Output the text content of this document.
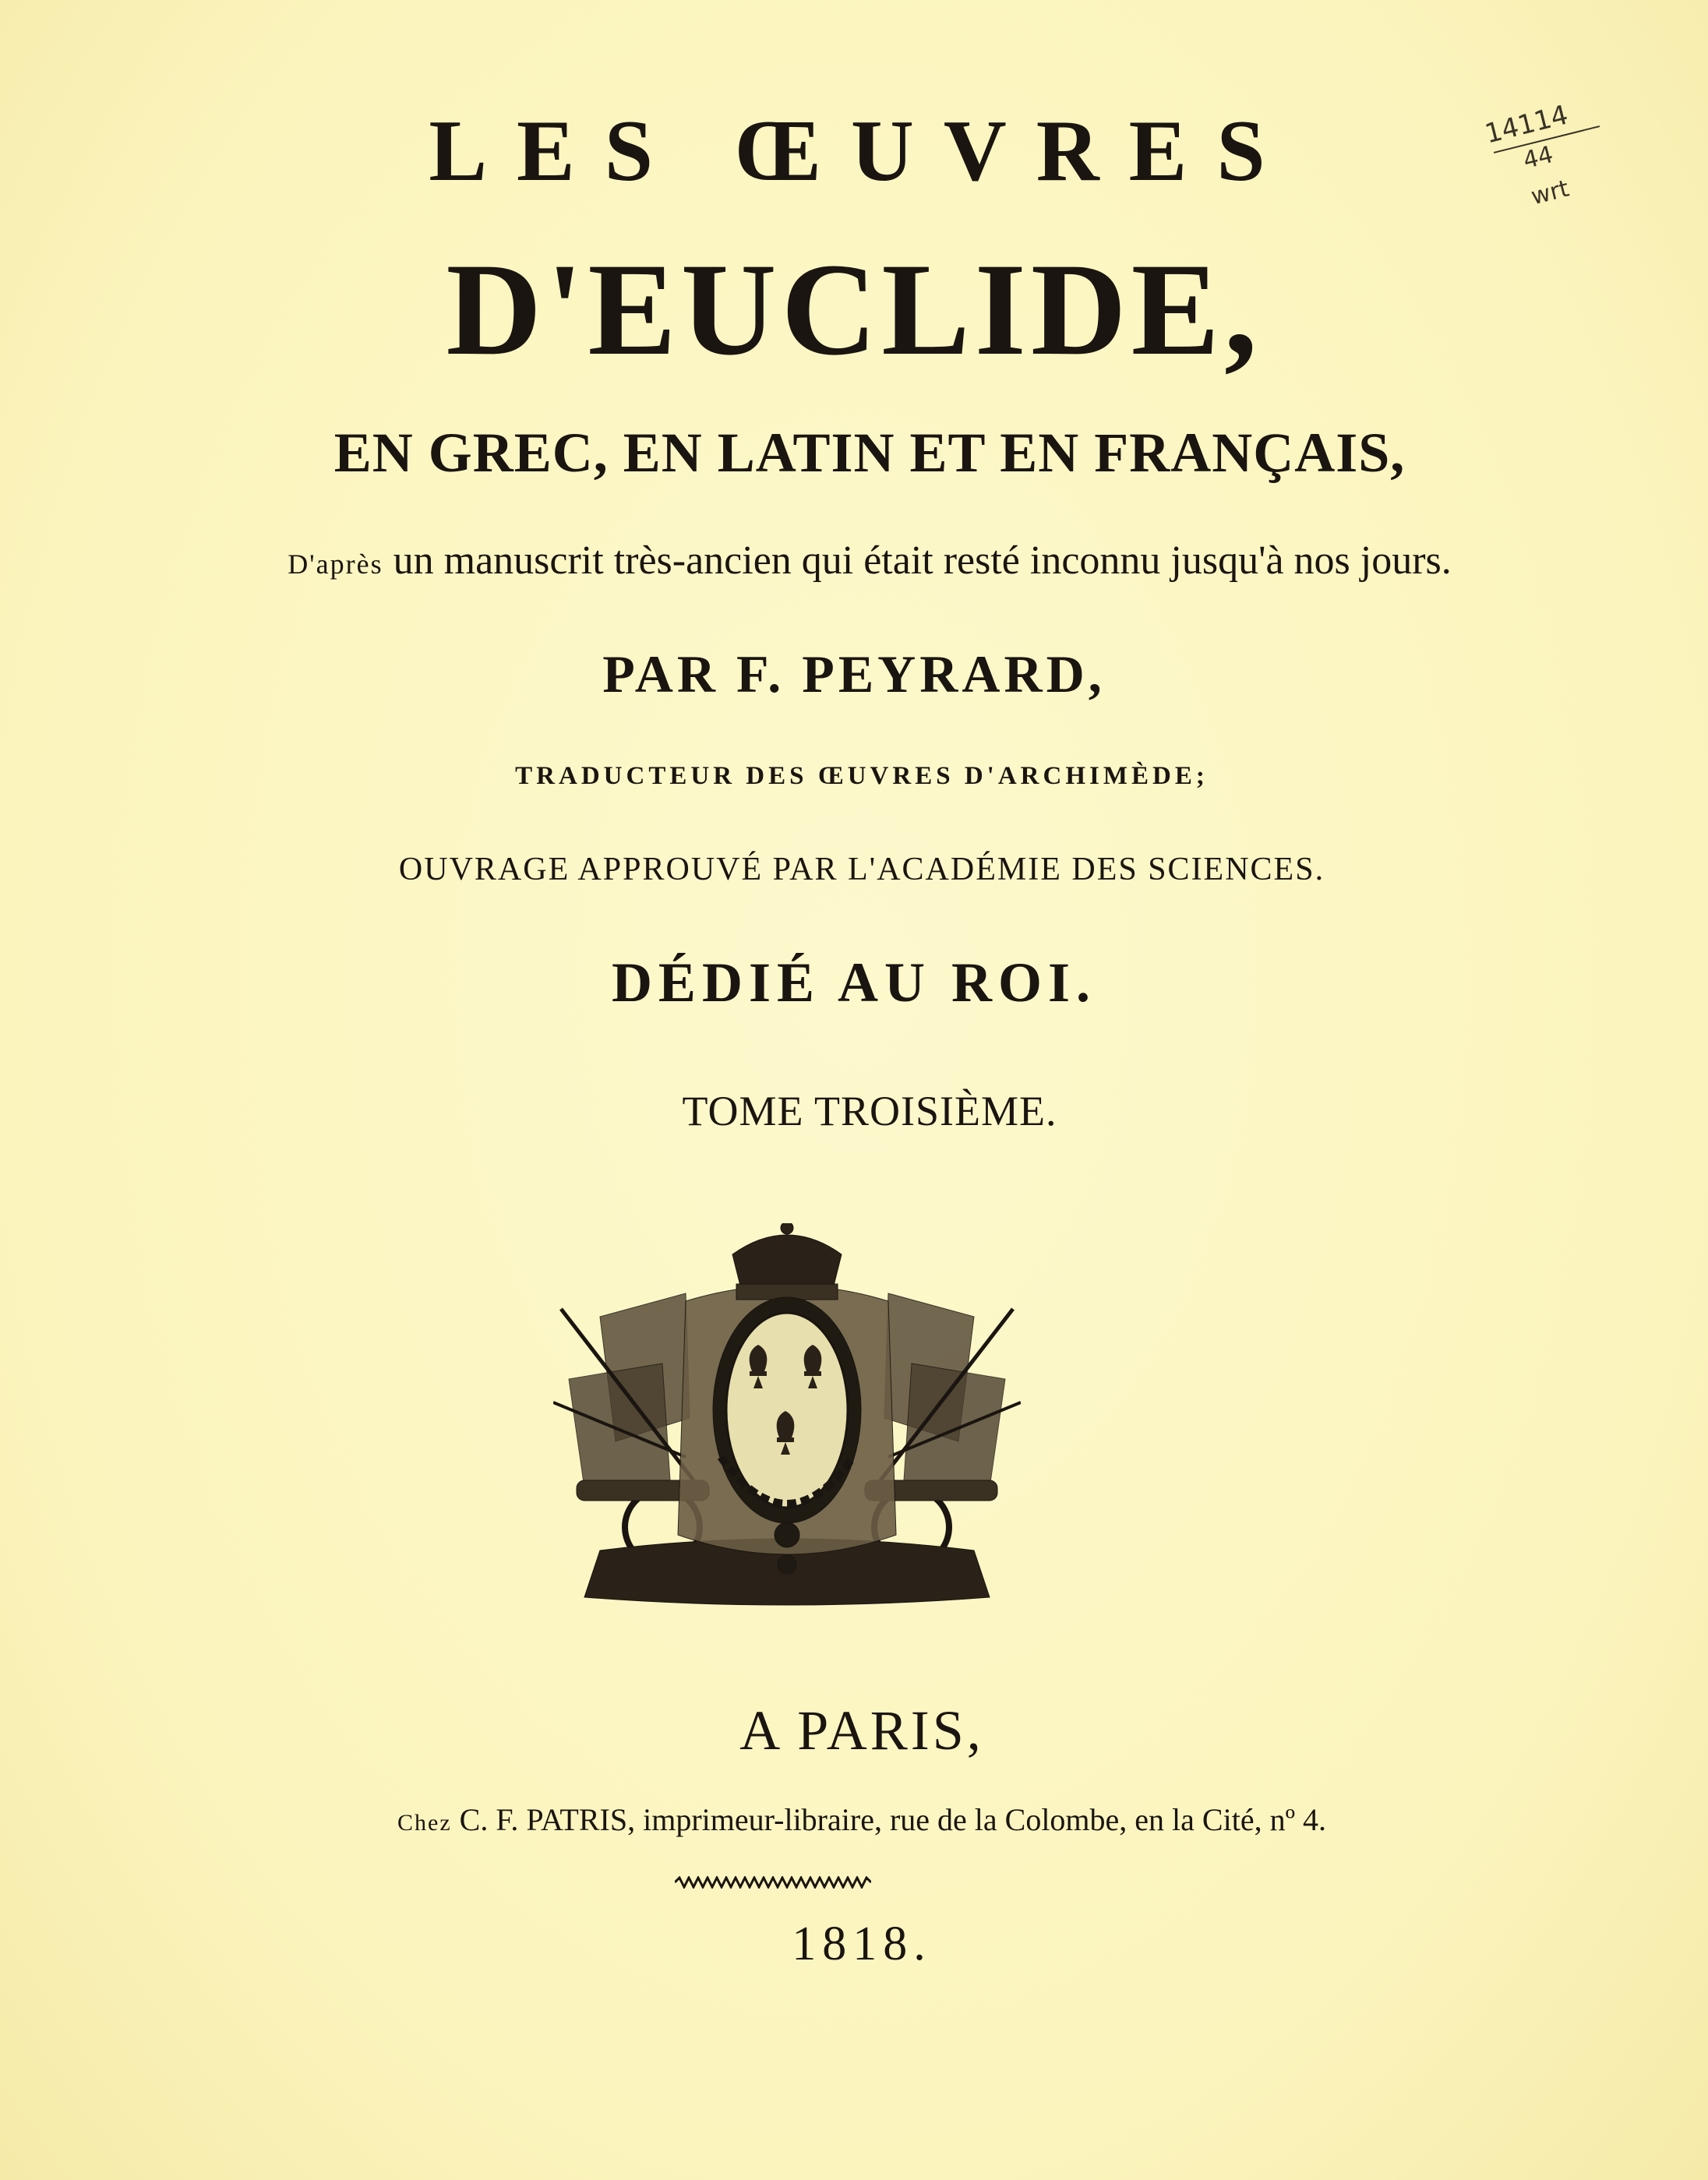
LES ŒUVRES
D'EUCLIDE,
EN GREC, EN LATIN ET EN FRANÇAIS,
D'après un manuscrit très-ancien qui était resté inconnu jusqu'à nos jours.
PAR F. PEYRARD,
TRADUCTEUR DES ŒUVRES D'ARCHIMÈDE;
OUVRAGE APPROUVÉ PAR L'ACADÉMIE DES SCIENCES.
DÉDIÉ AU ROI.
TOME TROISIÈME.
A PARIS,
Chez C. F. PATRIS, imprimeur-libraire, rue de la Colombe, en la Cité, nº 4.
1818.
14114
44
wrt
